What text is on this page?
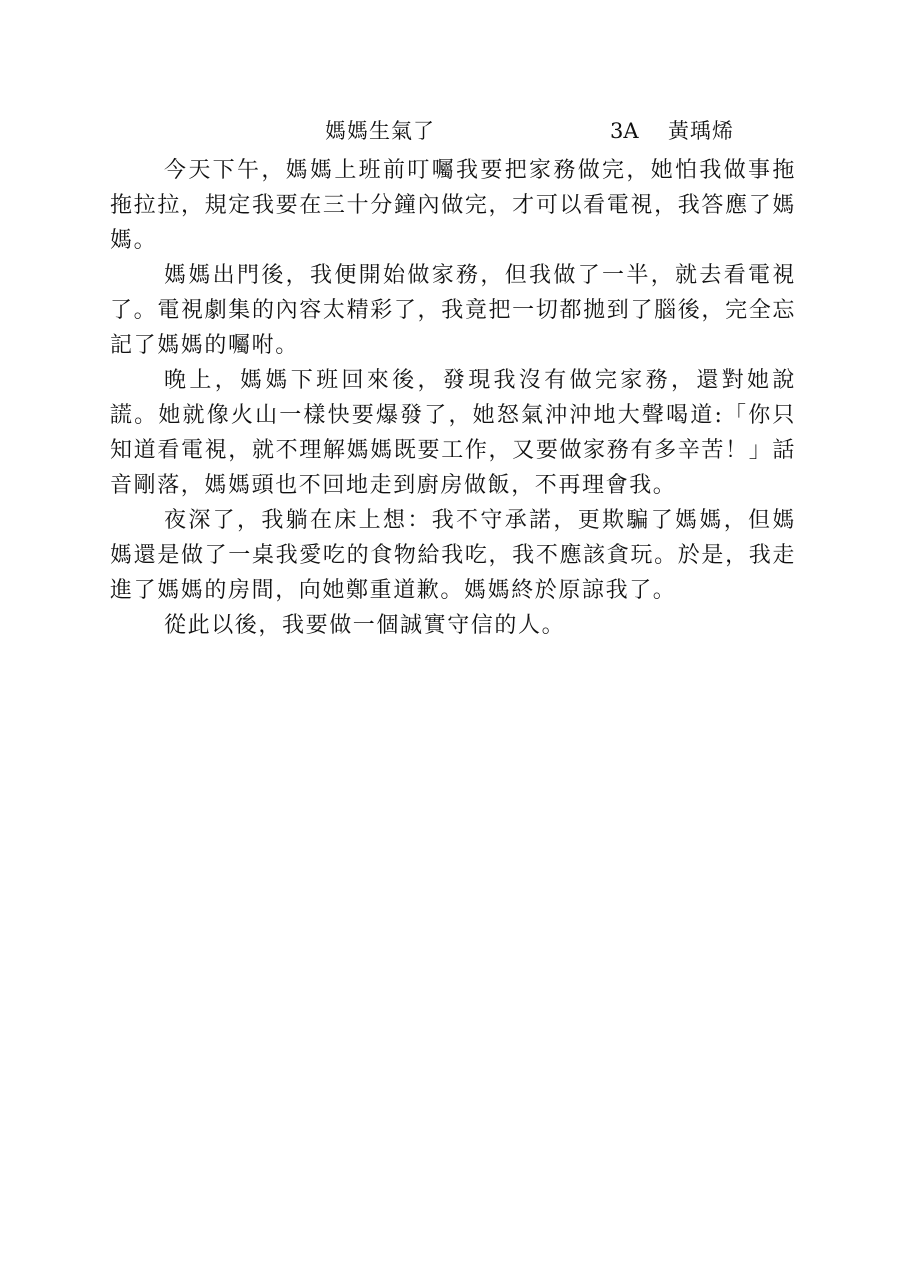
媽媽生氣了	3A 黃瑀烯

今天下午，媽媽上班前叮囑我要把家務做完，她怕我做事拖拖拉拉，規定我要在三十分鐘內做完，才可以看電視，我答應了媽媽。

媽媽出門後，我便開始做家務，但我做了一半，就去看電視了。電視劇集的內容太精彩了，我竟把一切都拋到了腦後，完全忘記了媽媽的囑咐。

晚上，媽媽下班回來後，發現我沒有做完家務，還對她說謊。她就像火山一樣快要爆發了，她怒氣沖沖地大聲喝道:「你只知道看電視，就不理解媽媽既要工作，又要做家務有多辛苦！」話音剛落，媽媽頭也不回地走到廚房做飯，不再理會我。

夜深了，我躺在床上想：我不守承諾，更欺騙了媽媽，但媽媽還是做了一桌我愛吃的食物給我吃，我不應該貪玩。於是，我走進了媽媽的房間，向她鄭重道歉。媽媽終於原諒我了。

從此以後，我要做一個誠實守信的人。
